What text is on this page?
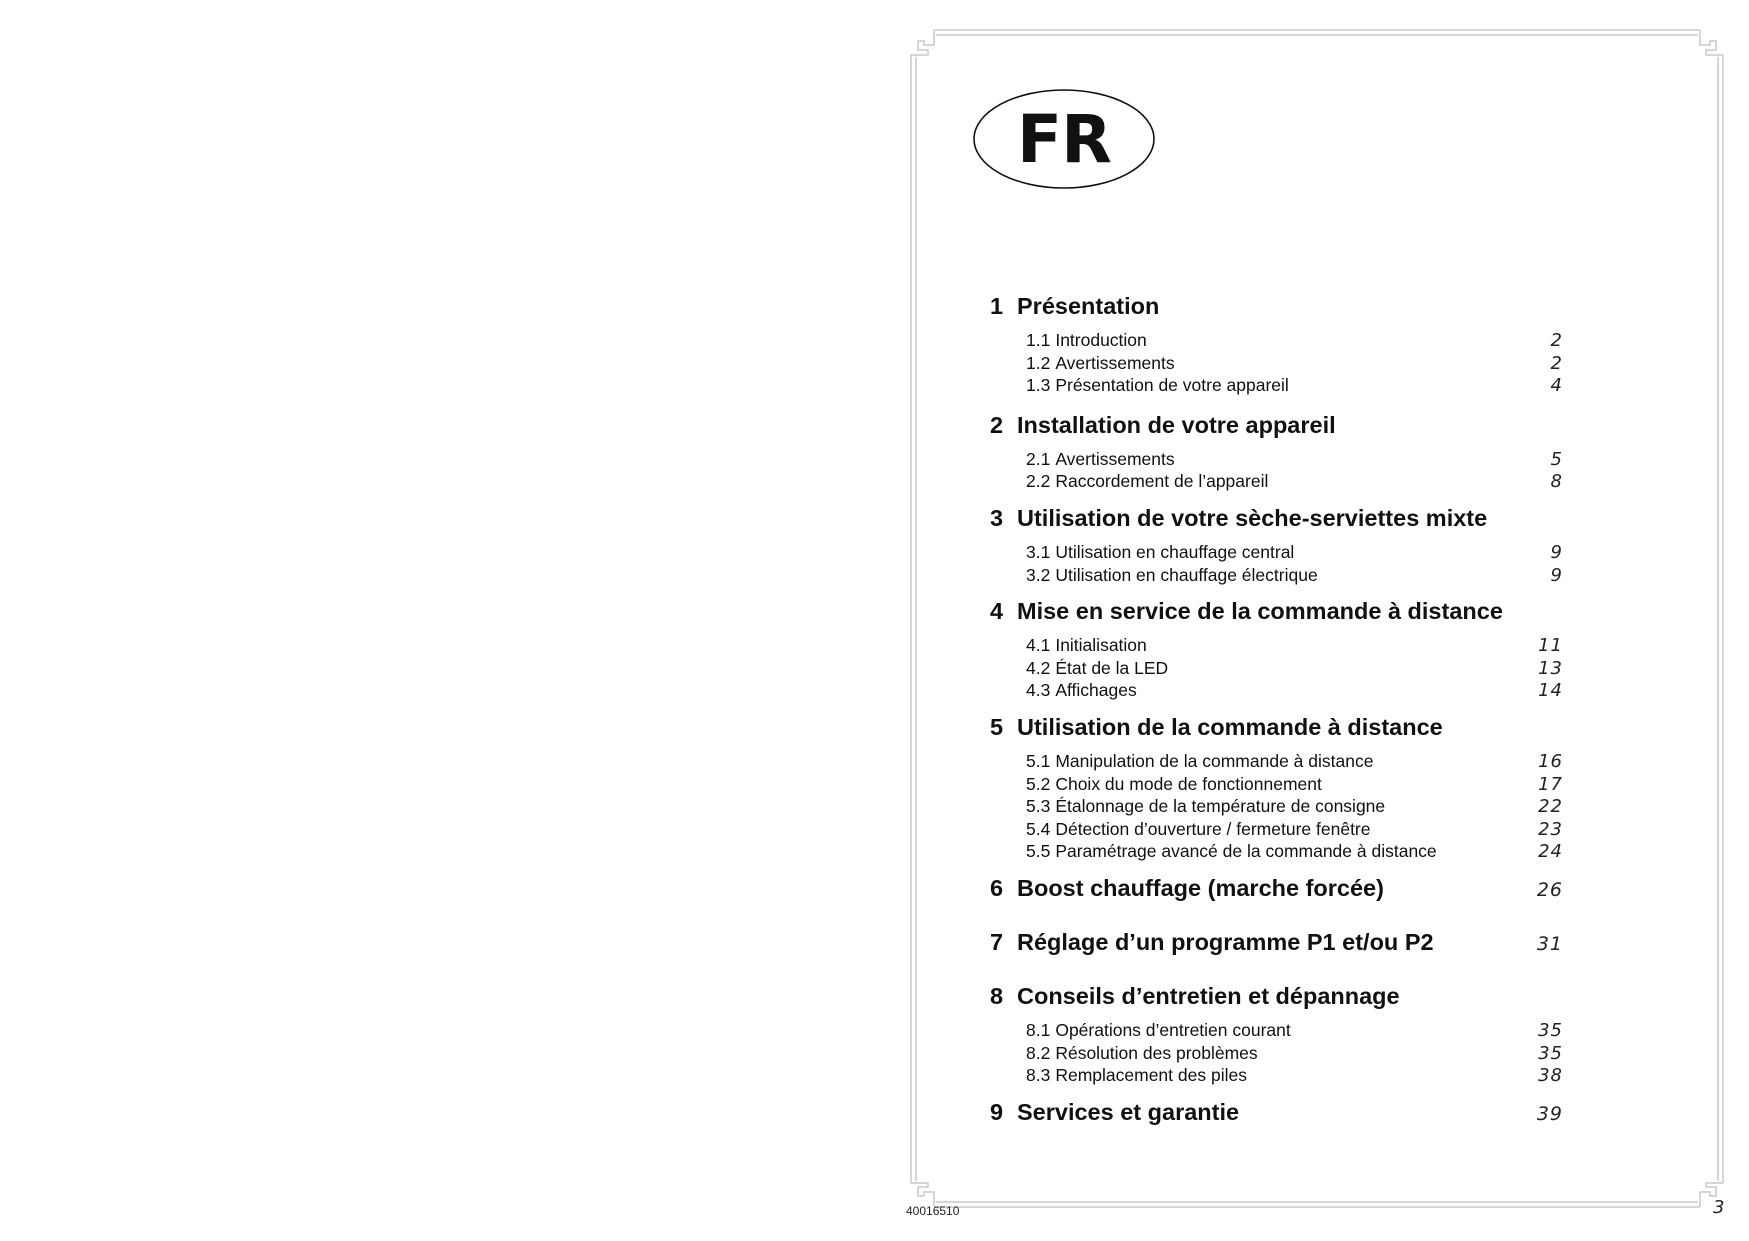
FR
1 Présentation
1.1 Introduction	2
1.2 Avertissements	2
1.3 Présentation de votre appareil	4
2 Installation de votre appareil
2.1 Avertissements	5
2.2 Raccordement de l’appareil	8
3 Utilisation de votre sèche-serviettes mixte
3.1 Utilisation en chauffage central	9
3.2 Utilisation en chauffage électrique	9
4 Mise en service de la commande à distance
4.1 Initialisation	11
4.2 État de la LED	13
4.3 Affichages	14
5 Utilisation de la commande à distance
5.1 Manipulation de la commande à distance	16
5.2 Choix du mode de fonctionnement	17
5.3 Étalonnage de la température de consigne	22
5.4 Détection d’ouverture / fermeture fenêtre	23
5.5 Paramétrage avancé de la commande à distance	24
6 Boost chauffage (marche forcée)	26
7 Réglage d’un programme P1 et/ou P2	31
8 Conseils d’entretien et dépannage
8.1 Opérations d’entretien courant	35
8.2 Résolution des problèmes	35
8.3 Remplacement des piles	38
9 Services et garantie	39
40016510	3
